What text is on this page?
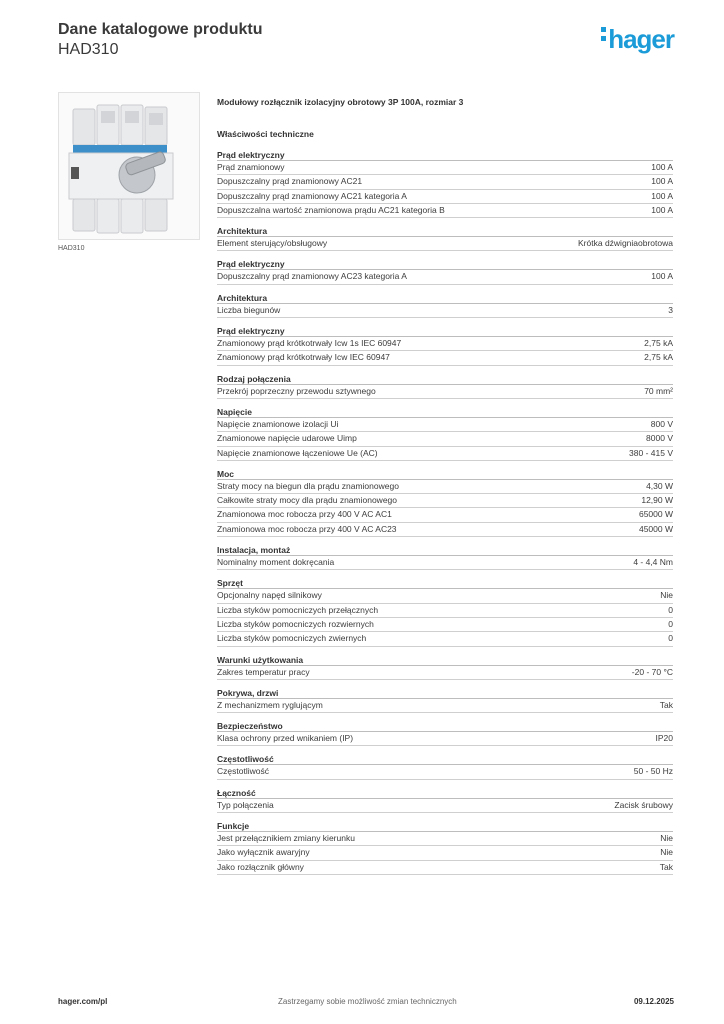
Dane katalogowe produktu
HAD310	hager
HAD310
Modułowy rozłącznik izolacyjny obrotowy 3P 100A, rozmiar 3
Właściwości techniczne
Prąd elektryczny
Prąd znamionowy	100 A
Dopuszczalny prąd znamionowy AC21	100 A
Dopuszczalny prąd znamionowy AC21 kategoria A	100 A
Dopuszczalna wartość znamionowa prądu AC21 kategoria B	100 A
Architektura
Element sterujący/obsługowy	Krótka dźwigniaobrotowa
Prąd elektryczny
Dopuszczalny prąd znamionowy AC23 kategoria A	100 A
Architektura
Liczba biegunów	3
Prąd elektryczny
Znamionowy prąd krótkotrwały Icw 1s IEC 60947	2,75 kA
Znamionowy prąd krótkotrwały Icw IEC 60947	2,75 kA
Rodzaj połączenia
Przekrój poprzeczny przewodu sztywnego	70 mm²
Napięcie
Napięcie znamionowe izolacji Ui	800 V
Znamionowe napięcie udarowe Uimp	8000 V
Napięcie znamionowe łączeniowe Ue (AC)	380 - 415 V
Moc
Straty mocy na biegun dla prądu znamionowego	4,30 W
Całkowite straty mocy dla prądu znamionowego	12,90 W
Znamionowa moc robocza przy 400 V AC AC1	65000 W
Znamionowa moc robocza przy 400 V AC AC23	45000 W
Instalacja, montaż
Nominalny moment dokręcania	4 - 4,4 Nm
Sprzęt
Opcjonalny napęd silnikowy	Nie
Liczba styków pomocniczych przełącznych	0
Liczba styków pomocniczych rozwiernych	0
Liczba styków pomocniczych zwiernych	0
Warunki użytkowania
Zakres temperatur pracy	-20 - 70 °C
Pokrywa, drzwi
Z mechanizmem ryglującym	Tak
Bezpieczeństwo
Klasa ochrony przed wnikaniem (IP)	IP20
Częstotliwość
Częstotliwość	50 - 50 Hz
Łączność
Typ połączenia	Zacisk śrubowy
Funkcje
Jest przełącznikiem zmiany kierunku	Nie
Jako wyłącznik awaryjny	Nie
Jako rozłącznik główny	Tak
hager.com/pl	Zastrzegamy sobie możliwość zmian technicznych	09.12.2025
